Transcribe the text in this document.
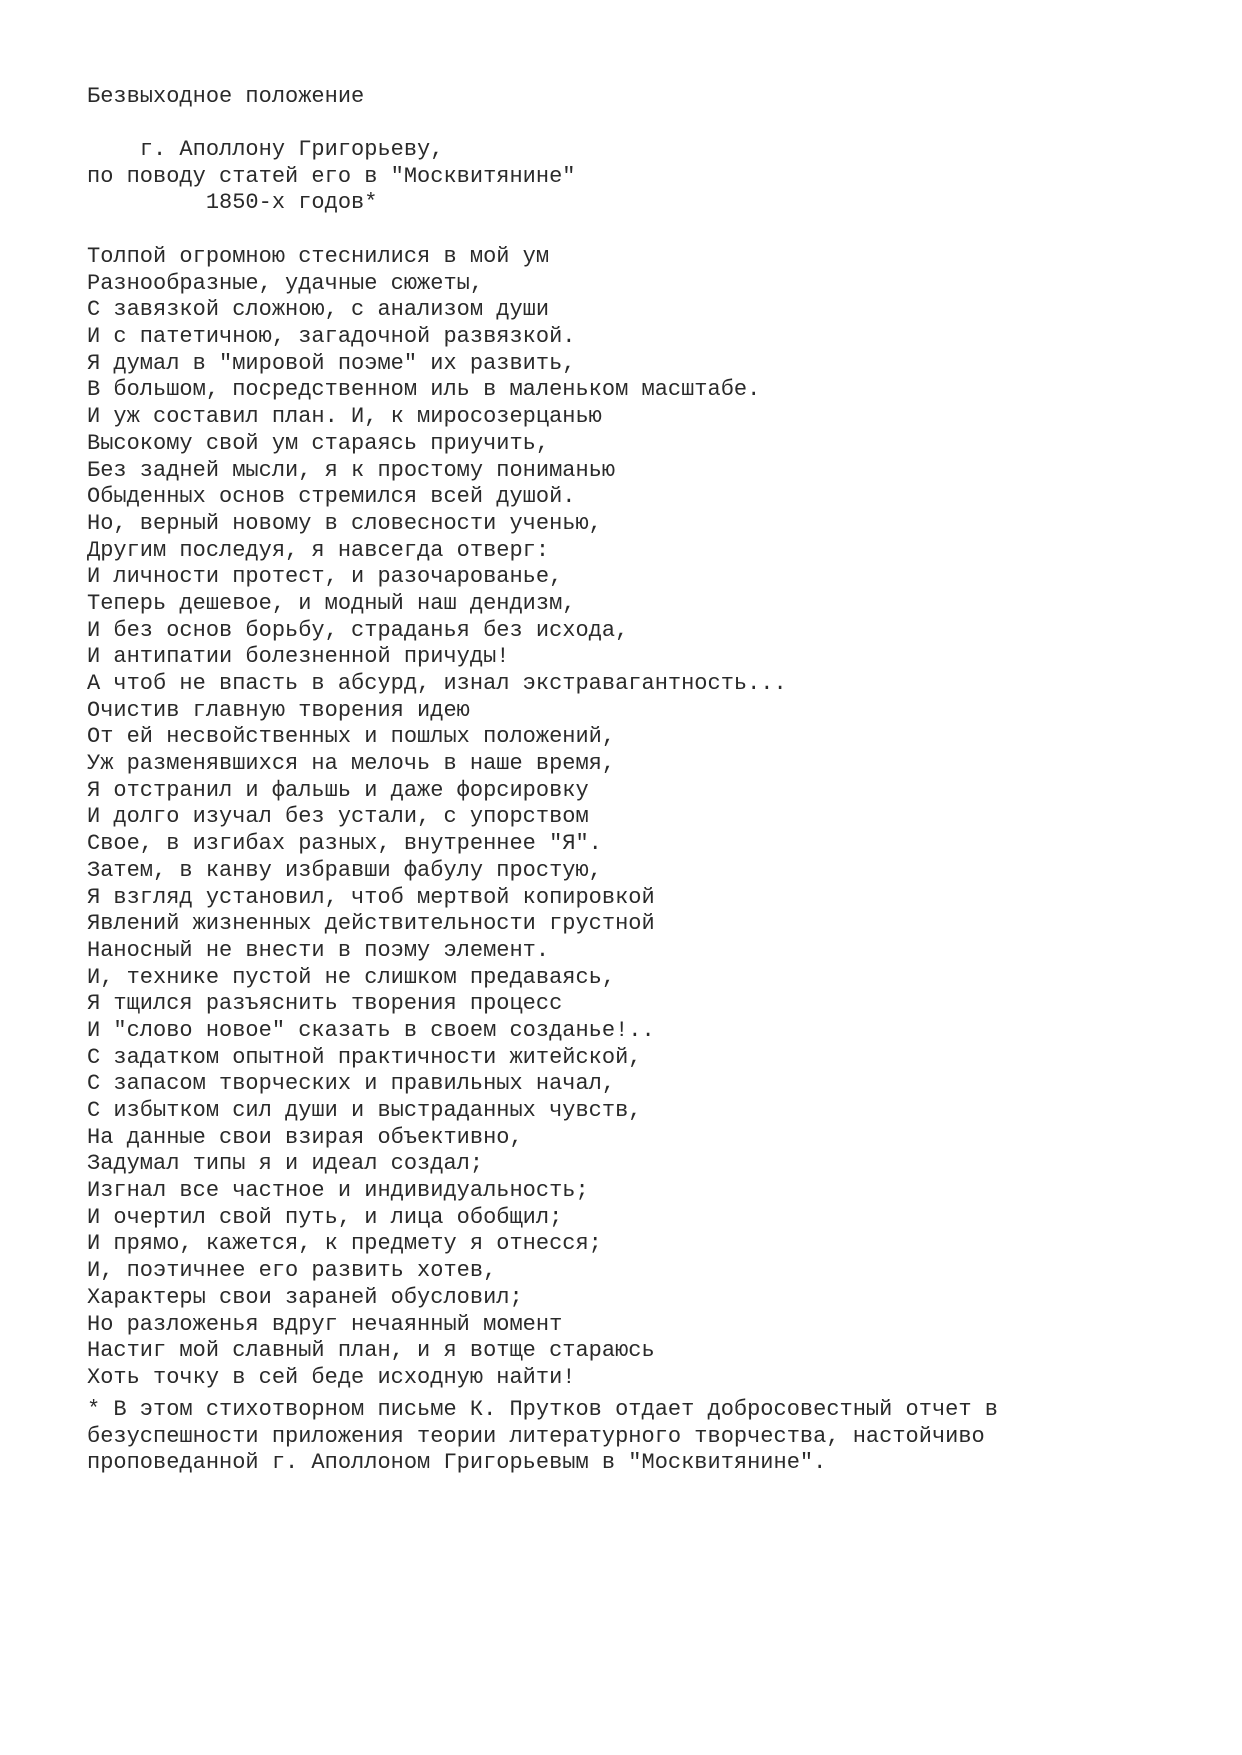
Безвыходное положение
г. Аполлону Григорьеву,
по поводу статей его в "Москвитянине"
1850-х годов*
Толпой огромною стеснилися в мой ум
Разнообразные, удачные сюжеты,
С завязкой сложною, с анализом души
И с патетичною, загадочной развязкой.
Я думал в "мировой поэме" их развить,
В большом, посредственном иль в маленьком масштабе.
И уж составил план. И, к миросозерцанью
Высокому свой ум стараясь приучить,
Без задней мысли, я к простому пониманью
Обыденных основ стремился всей душой.
Но, верный новому в словесности ученью,
Другим последуя, я навсегда отверг:
И личности протест, и разочарованье,
Теперь дешевое, и модный наш дендизм,
И без основ борьбу, страданья без исхода,
И антипатии болезненной причуды!
А чтоб не впасть в абсурд, изнал экстравагантность...
Очистив главную творения идею
От ей несвойственных и пошлых положений,
Уж разменявшихся на мелочь в наше время,
Я отстранил и фальшь и даже форсировку
И долго изучал без устали, с упорством
Свое, в изгибах разных, внутреннее "Я".
Затем, в канву избравши фабулу простую,
Я взгляд установил, чтоб мертвой копировкой
Явлений жизненных действительности грустной
Наносный не внести в поэму элемент.
И, технике пустой не слишком предаваясь,
Я тщился разъяснить творения процесс
И "слово новое" сказать в своем созданье!..
С задатком опытной практичности житейской,
С запасом творческих и правильных начал,
С избытком сил души и выстраданных чувств,
На данные свои взирая объективно,
Задумал типы я и идеал создал;
Изгнал все частное и индивидуальность;
И очертил свой путь, и лица обобщил;
И прямо, кажется, к предмету я отнесся;
И, поэтичнее его развить хотев,
Характеры свои зараней обусловил;
Но разложенья вдруг нечаянный момент
Настиг мой славный план, и я вотще стараюсь
Хоть точку в сей беде исходную найти!
* В этом стихотворном письме К. Прутков отдает добросовестный отчет в
безуспешности приложения теории литературного творчества, настойчиво
проповеданной г. Аполлоном Григорьевым в "Москвитянине".
